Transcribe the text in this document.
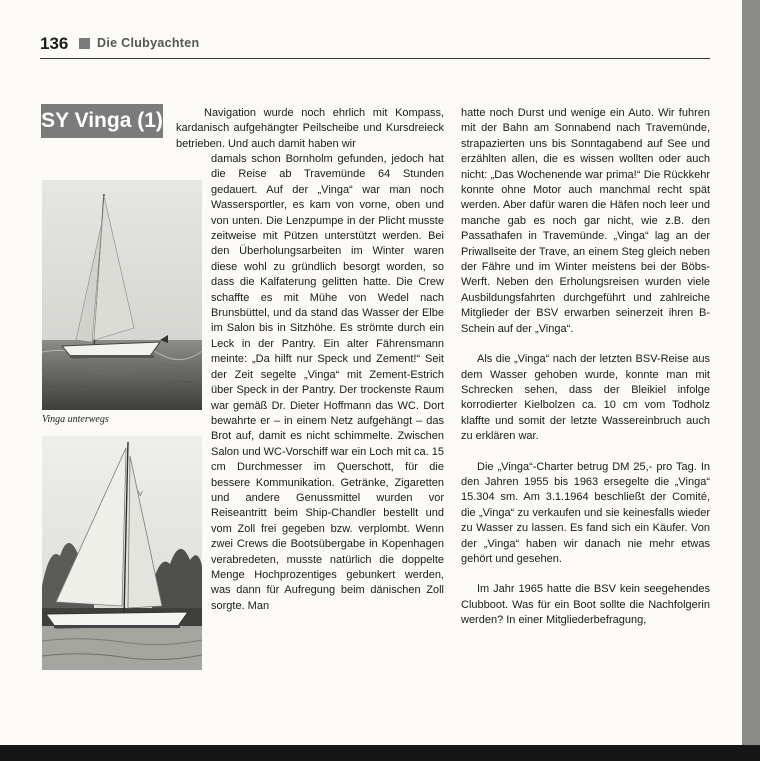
136 Die Clubyachten
SY Vinga (1)
Vinga unterwegs
V

Navigation wurde noch ehrlich mit Kompass, kardanisch aufgehängter Peilscheibe und Kursdreieck betrieben. Und auch damit haben wir

damals schon Bornholm gefunden, jedoch hat die Reise ab Travemünde 64 Stunden gedauert. Auf der „Vinga“ war man noch Wassersportler, es kam von vorne, oben und von unten. Die Lenzpumpe in der Plicht musste zeitweise mit Pützen unterstützt werden. Bei den Überholungsarbeiten im Winter waren diese wohl zu gründlich besorgt worden, so dass die Kalfaterung gelitten hatte. Die Crew schaffte es mit Mühe von Wedel nach Brunsbüttel, und da stand das Wasser der Elbe im Salon bis in Sitzhöhe. Es strömte durch ein Leck in der Pantry. Ein alter Fährensmann meinte: „Da hilft nur Speck und Zement!“ Seit der Zeit segelte „Vinga“ mit Zement-Estrich über Speck in der Pantry. Der trockenste Raum war gemäß Dr. Dieter Hoffmann das WC. Dort bewahrte er – in einem Netz aufgehängt – das Brot auf, damit es nicht schimmelte. Zwischen Salon und WC-Vorschiff war ein Loch mit ca. 15 cm Durchmesser im Querschott, für die bessere Kommunikation. Getränke, Zigaretten und andere Genussmittel wurden vor Reiseantritt beim Ship-Chandler bestellt und vom Zoll frei gegeben bzw. verplombt. Wenn zwei Crews die Bootsübergabe in Kopenhagen verabredeten, musste natürlich die doppelte Menge Hochprozentiges gebunkert werden, was dann für Aufregung beim dänischen Zoll sorgte. Man

hatte noch Durst und wenige ein Auto. Wir fuhren mit der Bahn am Sonnabend nach Travemünde, strapazierten uns bis Sonntagabend auf See und erzählten allen, die es wissen wollten oder auch nicht: „Das Wochenende war prima!“ Die Rückkehr konnte ohne Motor auch manchmal recht spät werden. Aber dafür waren die Häfen noch leer und manche gab es noch gar nicht, wie z.B. den Passathafen in Travemünde. „Vinga“ lag an der Priwallseite der Trave, an einem Steg gleich neben der Fähre und im Winter meistens bei der Böbs-Werft. Neben den Erholungsreisen wurden viele Ausbildungsfahrten durchgeführt und zahlreiche Mitglieder der BSV erwarben seinerzeit ihren B-Schein auf der „Vinga“.

Als die „Vinga“ nach der letzten BSV-Reise aus dem Wasser gehoben wurde, konnte man mit Schrecken sehen, dass der Bleikiel infolge korrodierter Kielbolzen ca. 10 cm vom Todholz klaffte und somit der letzte Wassereinbruch auch zu erklären war.

Die „Vinga“-Charter betrug DM 25,- pro Tag. In den Jahren 1955 bis 1963 ersegelte die „Vinga“ 15.304 sm. Am 3.1.1964 beschließt der Comité, die „Vinga“ zu verkaufen und sie keinesfalls wieder zu Wasser zu lassen. Es fand sich ein Käufer. Von der „Vinga“ haben wir danach nie mehr etwas gehört und gesehen.

Im Jahr 1965 hatte die BSV kein seegehendes Clubboot. Was für ein Boot sollte die Nachfolgerin werden? In einer Mitgliederbefragung,
